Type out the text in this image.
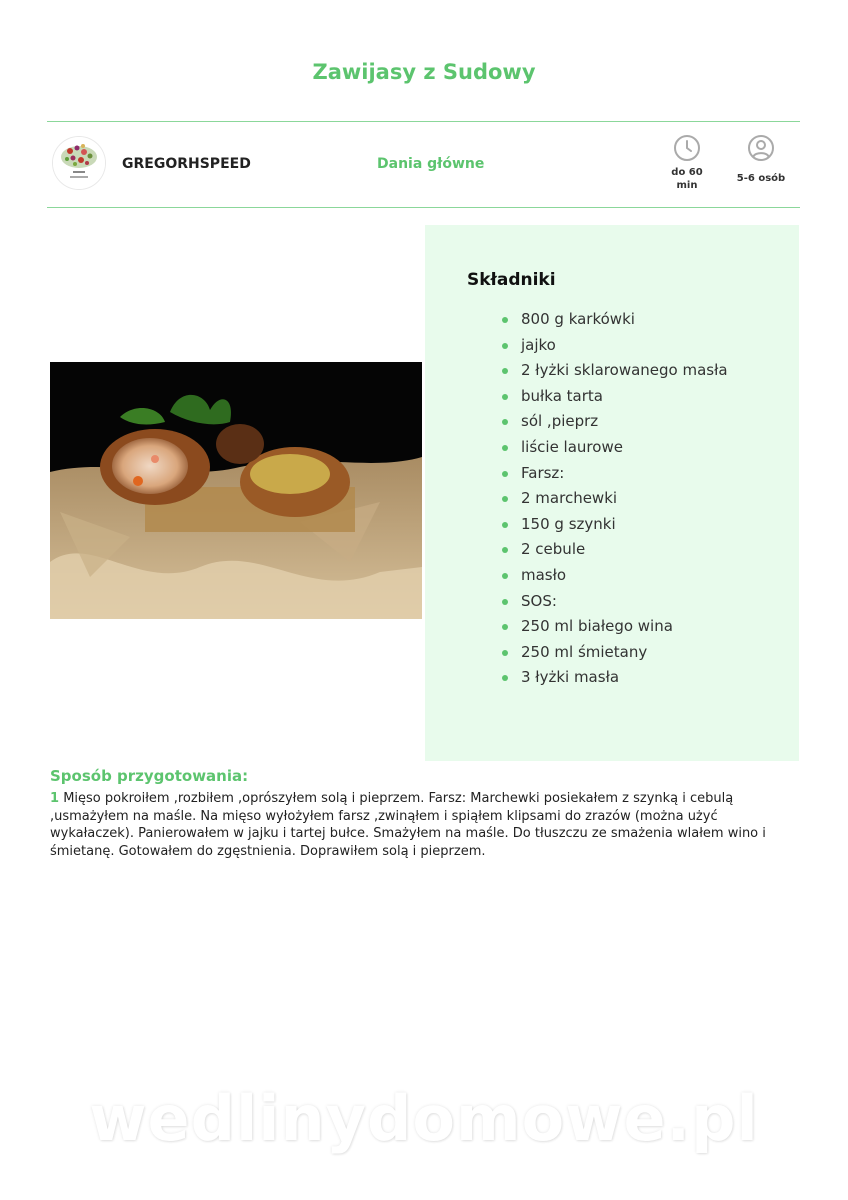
Zawijasy z Sudowy
GREGORHSPEED	Dania główne
do 60 min
5-6 osób
Składniki
800 g karkówki
jajko
2 łyżki sklarowanego masła
bułka tarta
sól ,pieprz
liście laurowe
Farsz:
2 marchewki
150 g szynki
2 cebule
masło
SOS:
250 ml białego wina
250 ml śmietany
3 łyżki masła
Sposób przygotowania:
1 Mięso pokroiłem ,rozbiłem ,oprószyłem solą i pieprzem. Farsz: Marchewki posiekałem z szynką i cebulą ,usmażyłem na maśle. Na mięso wyłożyłem farsz ,zwinąłem i spiąłem klipsami do zrazów (można użyć wykałaczek). Panierowałem w jajku i tartej bułce. Smażyłem na maśle. Do tłuszczu ze smażenia wlałem wino i śmietanę. Gotowałem do zgęstnienia. Doprawiłem solą i pieprzem.
wedlinydomowe.pl
